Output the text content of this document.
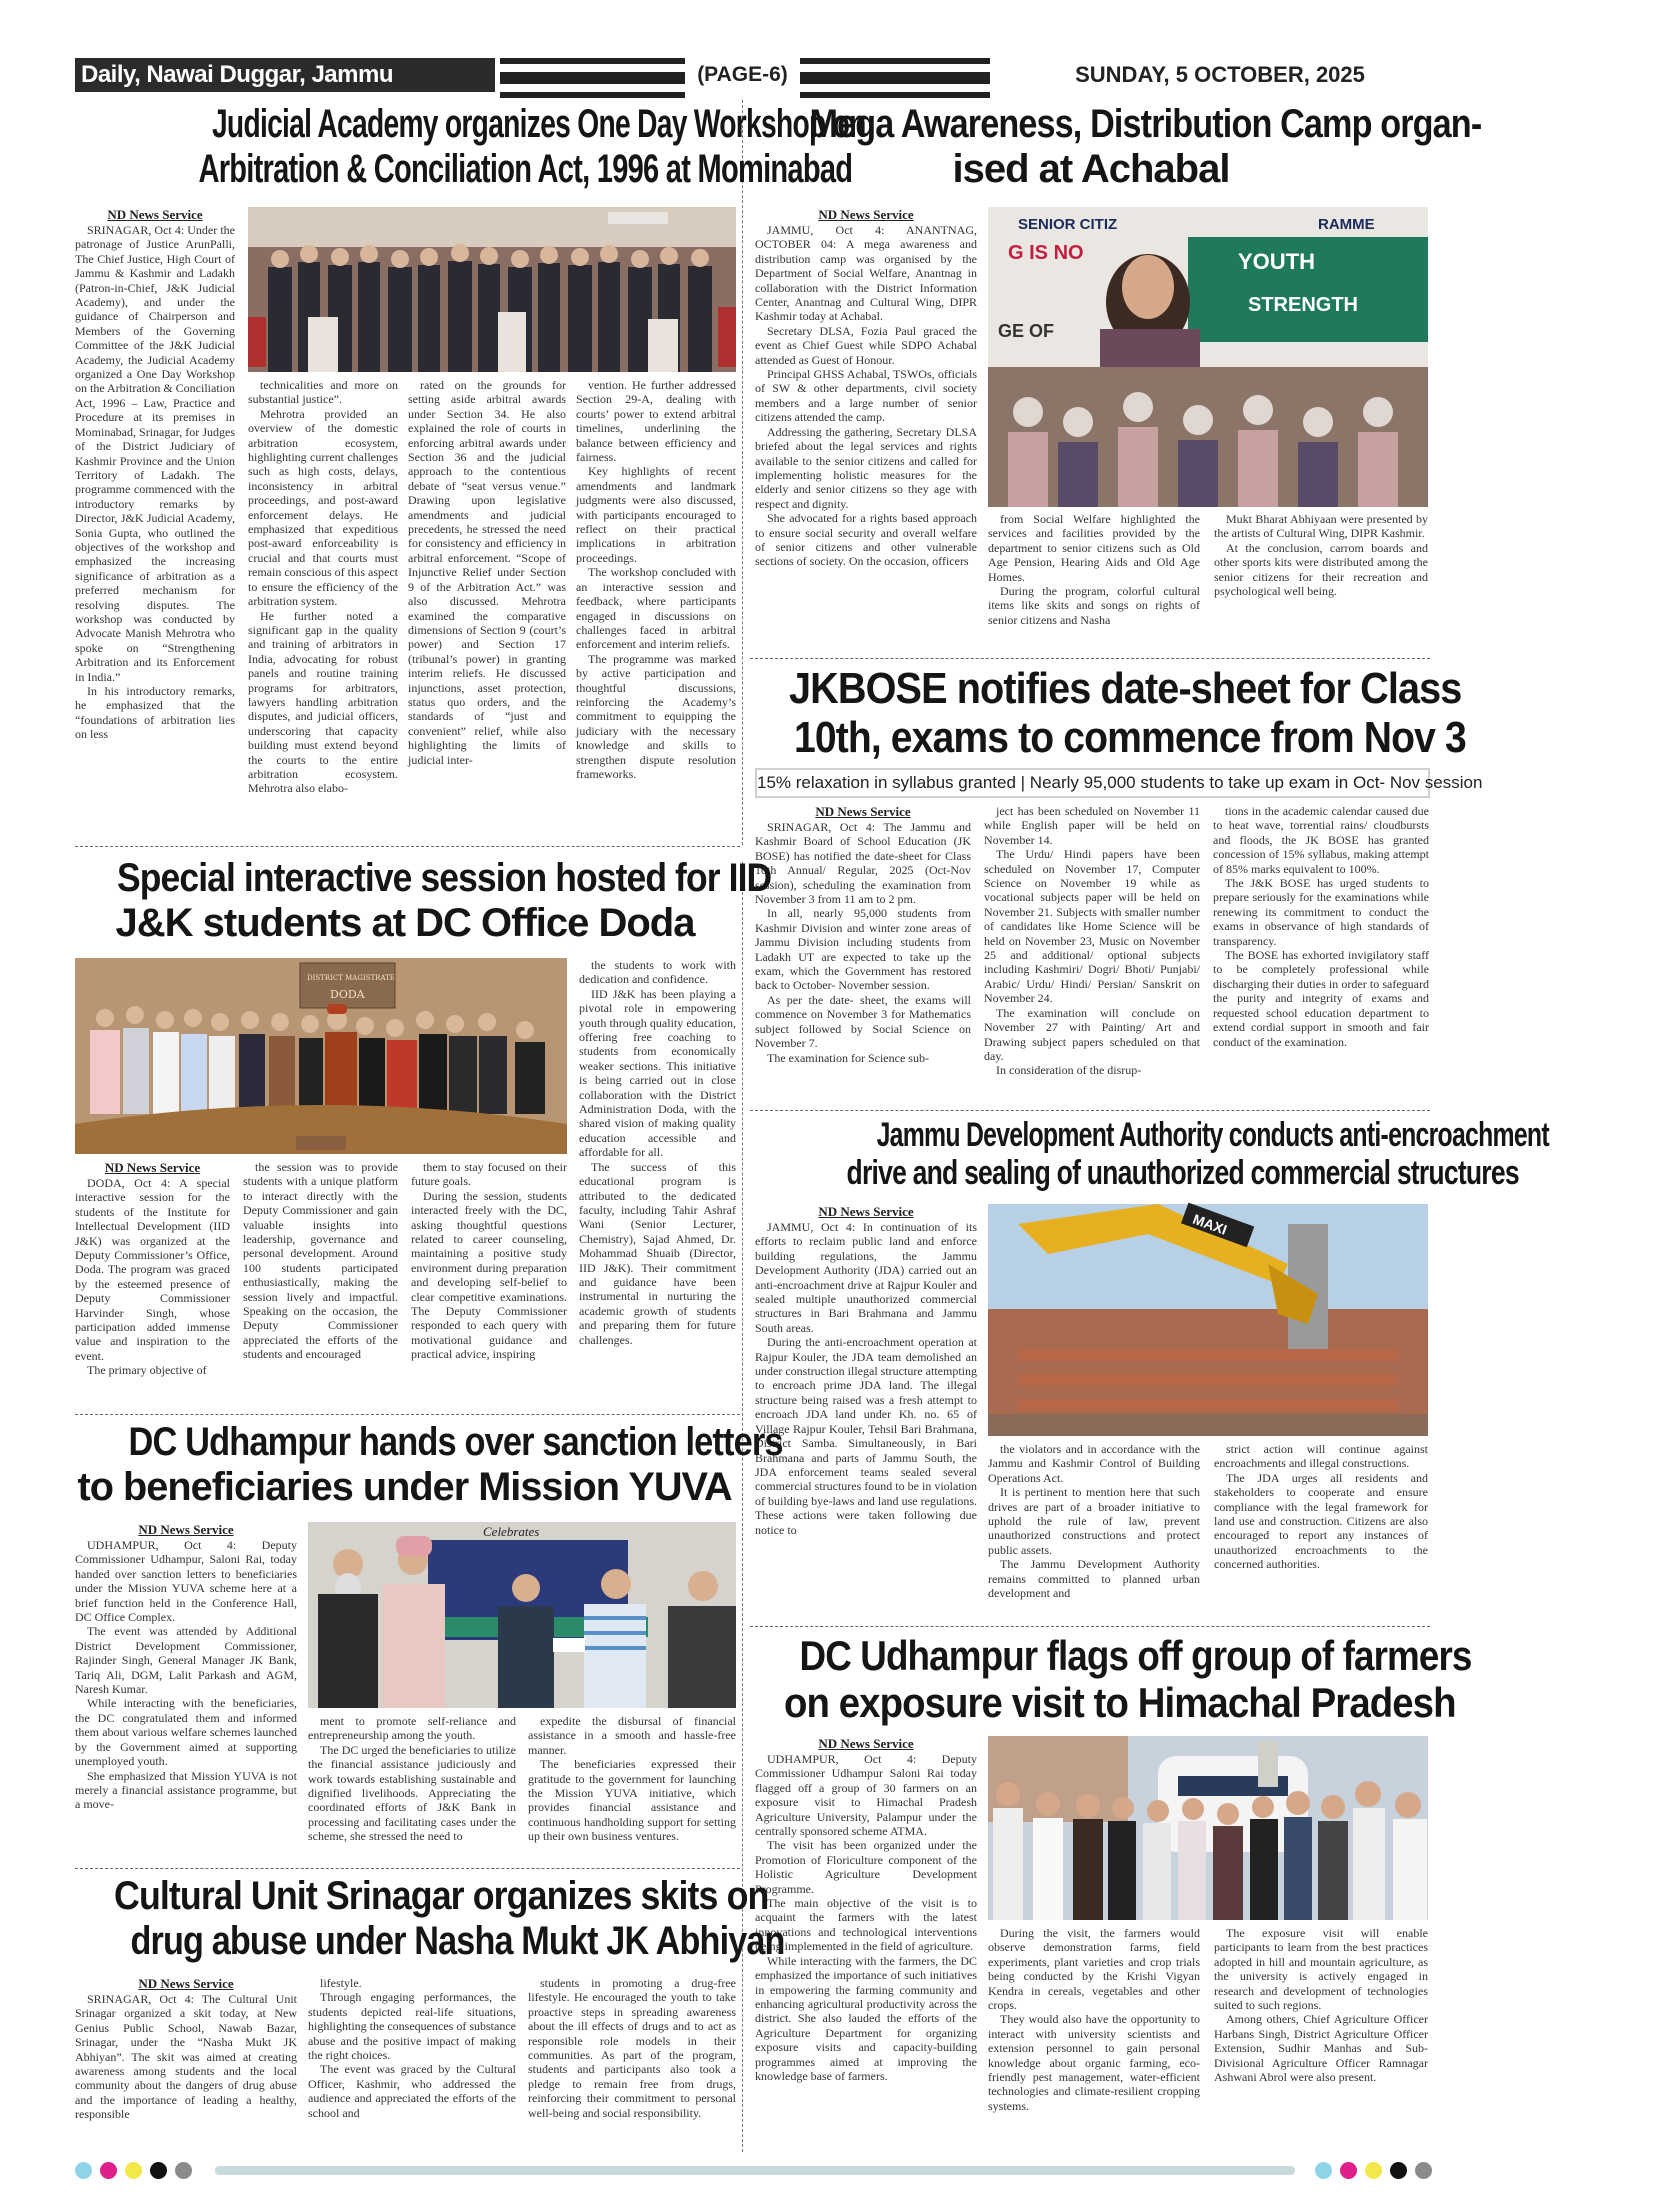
Daily, Nawai Duggar, Jammu	(PAGE-6)	SUNDAY, 5 OCTOBER, 2025
Judicial Academy organizes One Day Workshop on
Arbitration & Conciliation Act, 1996 at Mominabad
ND News Service

SRINAGAR, Oct 4: Under the patronage of Justice ArunPalli, The Chief Justice, High Court of Jammu & Kashmir and Ladakh (Patron-in-Chief, J&K Judicial Academy), and under the guidance of Chairperson and Members of the Governing Committee of the J&K Judicial Academy, the Judicial Academy organized a One Day Workshop on the Arbitration & Conciliation Act, 1996 – Law, Practice and Procedure at its premises in Mominabad, Srinagar, for Judges of the District Judiciary of Kashmir Province and the Union Territory of Ladakh. The programme commenced with the introductory remarks by Director, J&K Judicial Academy, Sonia Gupta, who outlined the objectives of the workshop and emphasized the increasing significance of arbitration as a preferred mechanism for resolving disputes. The workshop was conducted by Advocate Manish Mehrotra who spoke on “Strengthening Arbitration and its Enforcement in India.”

In his introductory remarks, he emphasized that the “foundations of arbitration lies on less

technicalities and more on substantial justice”.

Mehrotra provided an overview of the domestic arbitration ecosystem, highlighting current challenges such as high costs, delays, inconsistency in arbitral proceedings, and post-award enforcement delays. He emphasized that expeditious post-award enforceability is crucial and that courts must remain conscious of this aspect to ensure the efficiency of the arbitration system.

He further noted a significant gap in the quality and training of arbitrators in India, advocating for robust panels and routine training programs for arbitrators, lawyers handling arbitration disputes, and judicial officers, underscoring that capacity building must extend beyond the courts to the entire arbitration ecosystem. Mehrotra also elabo-

rated on the grounds for setting aside arbitral awards under Section 34. He also explained the role of courts in enforcing arbitral awards under Section 36 and the judicial approach to the contentious debate of “seat versus venue.” Drawing upon legislative amendments and judicial precedents, he stressed the need for consistency and efficiency in arbitral enforcement. “Scope of Injunctive Relief under Section 9 of the Arbitration Act.” was also discussed. Mehrotra examined the comparative dimensions of Section 9 (court’s power) and Section 17 (tribunal’s power) in granting interim reliefs. He discussed injunctions, asset protection, status quo orders, and the standards of “just and convenient” relief, while also highlighting the limits of judicial inter-

vention. He further addressed Section 29-A, dealing with courts’ power to extend arbitral timelines, underlining the balance between efficiency and fairness.

Key highlights of recent amendments and landmark judgments were also discussed, with participants encouraged to reflect on their practical implications in arbitration proceedings.

The workshop concluded with an interactive session and feedback, where participants engaged in discussions on challenges faced in arbitral enforcement and interim reliefs.

The programme was marked by active participation and thoughtful discussions, reinforcing the Academy’s commitment to equipping the judiciary with the necessary knowledge and skills to strengthen dispute resolution frameworks.

Mega Awareness, Distribution Camp organ-
ised at Achabal
ND News Service

JAMMU, Oct 4: ANANTNAG, OCTOBER 04: A mega awareness and distribution camp was organised by the Department of Social Welfare, Anantnag in collaboration with the District Information Center, Anantnag and Cultural Wing, DIPR Kashmir today at Achabal.

Secretary DLSA, Fozia Paul graced the event as Chief Guest while SDPO Achabal attended as Guest of Honour.

Principal GHSS Achabal, TSWOs, officials of SW & other departments, civil society members and a large number of senior citizens attended the camp.

Addressing the gathering, Secretary DLSA briefed about the legal services and rights available to the senior citizens and called for implementing holistic measures for the elderly and senior citizens so they age with respect and dignity.

She advocated for a rights based approach to ensure social security and overall welfare of senior citizens and other vulnerable sections of society. On the occasion, officers

SENIOR CITIZ	RAMME
G IS NO	YOUTH
GE OF
STRENGTH

from Social Welfare highlighted the services and facilities provided by the department to senior citizens such as Old Age Pension, Hearing Aids and Old Age Homes.

During the program, colorful cultural items like skits and songs on rights of senior citizens and Nasha

Mukt Bharat Abhiyaan were presented by the artists of Cultural Wing, DIPR Kashmir.

At the conclusion, carrom boards and other sports kits were distributed among the senior citizens for their recreation and psychological well being.

JKBOSE notifies date-sheet for Class
10th, exams to commence from Nov 3
15% relaxation in syllabus granted | Nearly 95,000 students to take up exam in Oct- Nov session
ND News Service

SRINAGAR, Oct 4: The Jammu and Kashmir Board of School Education (JK BOSE) has notified the date-sheet for Class 10th Annual/ Regular, 2025 (Oct-Nov session), scheduling the examination from November 3 from 11 am to 2 pm.

In all, nearly 95,000 students from Kashmir Division and winter zone areas of Jammu Division including students from Ladakh UT are expected to take up the exam, which the Government has restored back to October- November session.

As per the date- sheet, the exams will commence on November 3 for Mathematics subject followed by Social Science on November 7.

The examination for Science sub-

ject has been scheduled on November 11 while English paper will be held on November 14.

The Urdu/ Hindi papers have been scheduled on November 17, Computer Science on November 19 while as vocational subjects paper will be held on November 21. Subjects with smaller number of candidates like Home Science will be held on November 23, Music on November 25 and additional/ optional subjects including Kashmiri/ Dogri/ Bhoti/ Punjabi/ Arabic/ Urdu/ Hindi/ Persian/ Sanskrit on November 24.

The examination will conclude on November 27 with Painting/ Art and Drawing subject papers scheduled on that day.

In consideration of the disrup-

tions in the academic calendar caused due to heat wave, torrential rains/ cloudbursts and floods, the JK BOSE has granted concession of 15% syllabus, making attempt of 85% marks equivalent to 100%.

The J&K BOSE has urged students to prepare seriously for the examinations while renewing its commitment to conduct the exams in observance of high standards of transparency.

The BOSE has exhorted invigilatory staff to be completely professional while discharging their duties in order to safeguard the purity and integrity of exams and requested school education department to extend cordial support in smooth and fair conduct of the examination.

Special interactive session hosted for IID
J&K students at DC Office Doda
DISTRICT MAGISTRATE
DODA
ND News Service

DODA, Oct 4: A special interactive session for the students of the Institute for Intellectual Development (IID J&K) was organized at the Deputy Commissioner’s Office, Doda. The program was graced by the esteemed presence of Deputy Commissioner Harvinder Singh, whose participation added immense value and inspiration to the event.

The primary objective of

the session was to provide students with a unique platform to interact directly with the Deputy Commissioner and gain valuable insights into leadership, governance and personal development. Around 100 students participated enthusiastically, making the session lively and impactful. Speaking on the occasion, the Deputy Commissioner appreciated the efforts of the students and encouraged

them to stay focused on their future goals.

During the session, students interacted freely with the DC, asking thoughtful questions related to career counseling, maintaining a positive study environment during preparation and developing self-belief to clear competitive examinations. The Deputy Commissioner responded to each query with motivational guidance and practical advice, inspiring

the students to work with dedication and confidence.

IID J&K has been playing a pivotal role in empowering youth through quality education, offering free coaching to students from economically weaker sections. This initiative is being carried out in close collaboration with the District Administration Doda, with the shared vision of making quality education accessible and affordable for all.

The success of this educational program is attributed to the dedicated faculty, including Tahir Ashraf Wani (Senior Lecturer, Chemistry), Sajad Ahmed, Dr. Mohammad Shuaib (Director, IID J&K). Their commitment and guidance have been instrumental in nurturing the academic growth of students and preparing them for future challenges.

Jammu Development Authority conducts anti-encroachment
drive and sealing of unauthorized commercial structures
ND News Service

JAMMU, Oct 4: In continuation of its efforts to reclaim public land and enforce building regulations, the Jammu Development Authority (JDA) carried out an anti-encroachment drive at Rajpur Kouler and sealed multiple unauthorized commercial structures in Bari Brahmana and Jammu South areas.

During the anti-encroachment operation at Rajpur Kouler, the JDA team demolished an under construction illegal structure attempting to encroach prime JDA land. The illegal structure being raised was a fresh attempt to encroach JDA land under Kh. no. 65 of Village Rajpur Kouler, Tehsil Bari Brahmana, District Samba. Simultaneously, in Bari Brahmana and parts of Jammu South, the JDA enforcement teams sealed several commercial structures found to be in violation of building bye-laws and land use regulations. These actions were taken following due notice to

MAXI

the violators and in accordance with the Jammu and Kashmir Control of Building Operations Act.

It is pertinent to mention here that such drives are part of a broader initiative to uphold the rule of law, prevent unauthorized constructions and protect public assets.

The Jammu Development Authority remains committed to planned urban development and

strict action will continue against encroachments and illegal constructions.

The JDA urges all residents and stakeholders to cooperate and ensure compliance with the legal framework for land use and construction. Citizens are also encouraged to report any instances of unauthorized encroachments to the concerned authorities.

DC Udhampur hands over sanction letters
to beneficiaries under Mission YUVA
ND News Service

UDHAMPUR, Oct 4: Deputy Commissioner Udhampur, Saloni Rai, today handed over sanction letters to beneficiaries under the Mission YUVA scheme here at a brief function held in the Conference Hall, DC Office Complex.

The event was attended by Additional District Development Commissioner, Rajinder Singh, General Manager JK Bank, Tariq Ali, DGM, Lalit Parkash and AGM, Naresh Kumar.

While interacting with the beneficiaries, the DC congratulated them and informed them about various welfare schemes launched by the Government aimed at supporting unemployed youth.

She emphasized that Mission YUVA is not merely a financial assistance programme, but a move-

Celebrates

ment to promote self-reliance and entrepreneurship among the youth.

The DC urged the beneficiaries to utilize the financial assistance judiciously and work towards establishing sustainable and dignified livelihoods. Appreciating the coordinated efforts of J&K Bank in processing and facilitating cases under the scheme, she stressed the need to

expedite the disbursal of financial assistance in a smooth and hassle-free manner.

The beneficiaries expressed their gratitude to the government for launching the Mission YUVA initiative, which provides financial assistance and continuous handholding support for setting up their own business ventures.

DC Udhampur flags off group of farmers
on exposure visit to Himachal Pradesh
ND News Service

UDHAMPUR, Oct 4: Deputy Commissioner Udhampur Saloni Rai today flagged off a group of 30 farmers on an exposure visit to Himachal Pradesh Agriculture University, Palampur under the centrally sponsored scheme ATMA.

The visit has been organized under the Promotion of Floriculture component of the Holistic Agriculture Development Programme.

The main objective of the visit is to acquaint the farmers with the latest innovations and technological interventions being implemented in the field of agriculture.

While interacting with the farmers, the DC emphasized the importance of such initiatives in empowering the farming community and enhancing agricultural productivity across the district. She also lauded the efforts of the Agriculture Department for organizing exposure visits and capacity-building programmes aimed at improving the knowledge base of farmers.

During the visit, the farmers would observe demonstration farms, field experiments, plant varieties and crop trials being conducted by the Krishi Vigyan Kendra in cereals, vegetables and other crops.

They would also have the opportunity to interact with university scientists and extension personnel to gain personal knowledge about organic farming, eco-friendly pest management, water-efficient technologies and climate-resilient cropping systems.

The exposure visit will enable participants to learn from the best practices adopted in hill and mountain agriculture, as the university is actively engaged in research and development of technologies suited to such regions.

Among others, Chief Agriculture Officer Harbans Singh, District Agriculture Officer Extension, Sudhir Manhas and Sub-Divisional Agriculture Officer Ramnagar Ashwani Abrol were also present.

Cultural Unit Srinagar organizes skits on
drug abuse under Nasha Mukt JK Abhiyan
ND News Service

SRINAGAR, Oct 4: The Cultural Unit Srinagar organized a skit today, at New Genius Public School, Nawab Bazar, Srinagar, under the “Nasha Mukt JK Abhiyan”. The skit was aimed at creating awareness among students and the local community about the dangers of drug abuse and the importance of leading a healthy, responsible

lifestyle.

Through engaging performances, the students depicted real-life situations, highlighting the consequences of substance abuse and the positive impact of making the right choices.

The event was graced by the Cultural Officer, Kashmir, who addressed the audience and appreciated the efforts of the school and

students in promoting a drug-free lifestyle. He encouraged the youth to take proactive steps in spreading awareness about the ill effects of drugs and to act as responsible role models in their communities. As part of the program, students and participants also took a pledge to remain free from drugs, reinforcing their commitment to personal well-being and social responsibility.
